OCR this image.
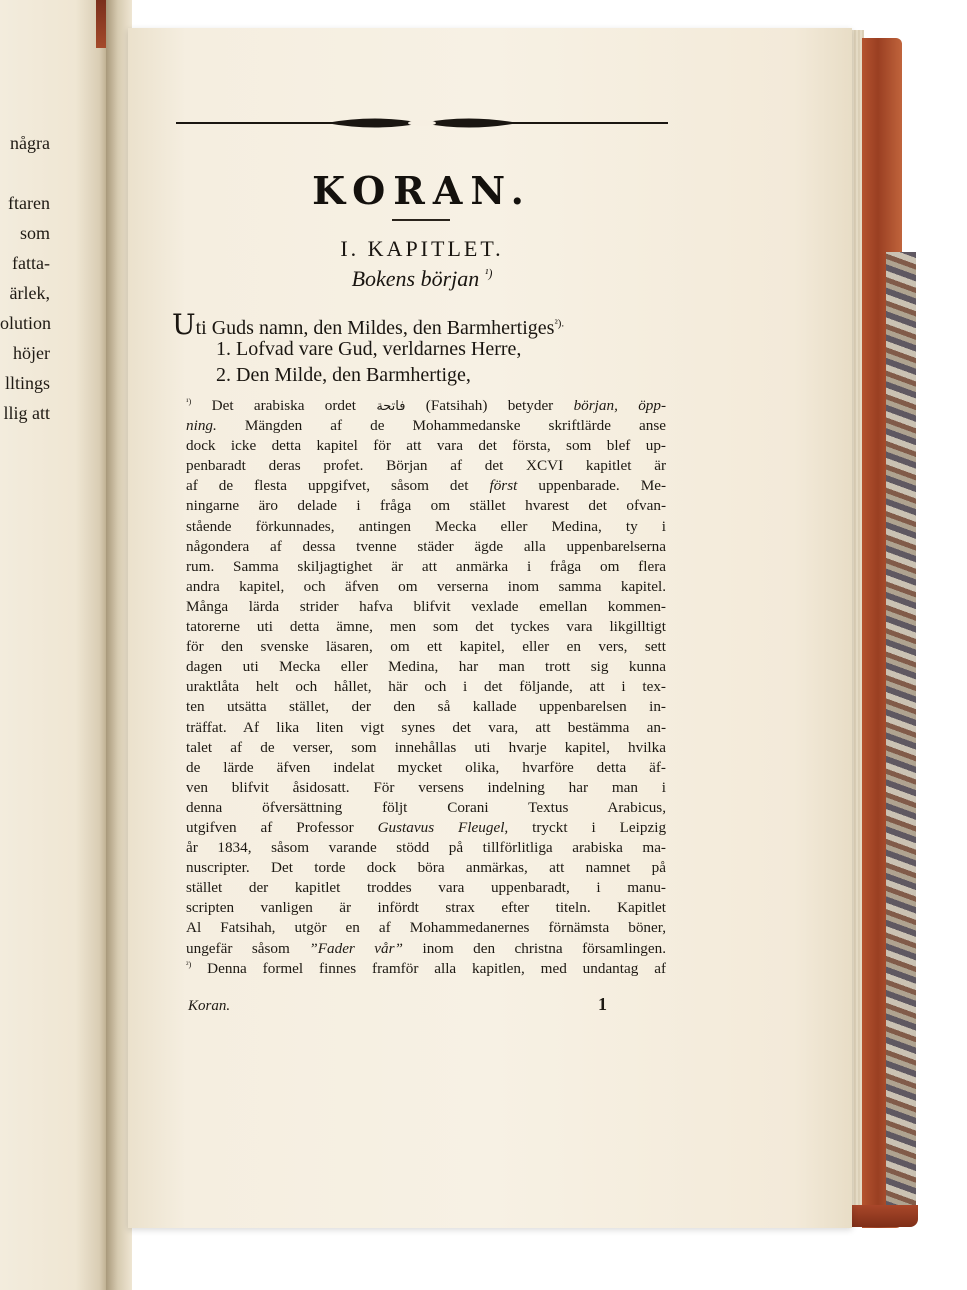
några
ftaren
som
fatta-
ärlek,
olution
höjer
lltings
llig att

KORAN.
I. KAPITLET.
Bokens början $^{^1)}$
Uti Guds namn, den Mildes, den Barmhertiges$^{^2).}$
1. Lofvad vare Gud, verldarnes Herre,
2. Den Milde, den Barmhertige,
$^{^1)}$ Det arabiska ordet فاتحة (Fatsihah) betyder början, öpp-
ning. Mängden af de Mohammedanske skriftlärde anse
dock icke detta kapitel för att vara det första, som blef up-
penbaradt deras profet. Början af det XCVI kapitlet är
af de flesta uppgifvet, såsom det först uppenbarade. Me-
ningarne äro delade i fråga om stället hvarest det ofvan-
stående förkunnades, antingen Mecka eller Medina, ty i
någondera af dessa tvenne städer ägde alla uppenbarelserna
rum. Samma skiljagtighet är att anmärka i fråga om flera
andra kapitel, och äfven om verserna inom samma kapitel.
Många lärda strider hafva blifvit vexlade emellan kommen-
tatorerne uti detta ämne, men som det tyckes vara likgilltigt
för den svenske läsaren, om ett kapitel, eller en vers, sett
dagen uti Mecka eller Medina, har man trott sig kunna
uraktlåta helt och hållet, här och i det följande, att i tex-
ten utsätta stället, der den så kallade uppenbarelsen in-
träffat. Af lika liten vigt synes det vara, att bestämma an-
talet af de verser, som innehållas uti hvarje kapitel, hvilka
de lärde äfven indelat mycket olika, hvarföre detta äf-
ven blifvit åsidosatt. För versens indelning har man i
denna öfversättning följt Corani Textus Arabicus,
utgifven af Professor Gustavus Fleugel, tryckt i Leipzig
år 1834, såsom varande stödd på tillförlitliga arabiska ma-
nuscripter. Det torde dock böra anmärkas, att namnet på
stället der kapitlet troddes vara uppenbaradt, i manu-
scripten vanligen är infördt strax efter titeln. Kapitlet
Al Fatsihah, utgör en af Mohammedanernes förnämsta böner,
ungefär såsom ”Fader vår” inom den christna församlingen.
$^{^2)}$ Denna formel finnes framför alla kapitlen, med undantag af
Koran.	1
